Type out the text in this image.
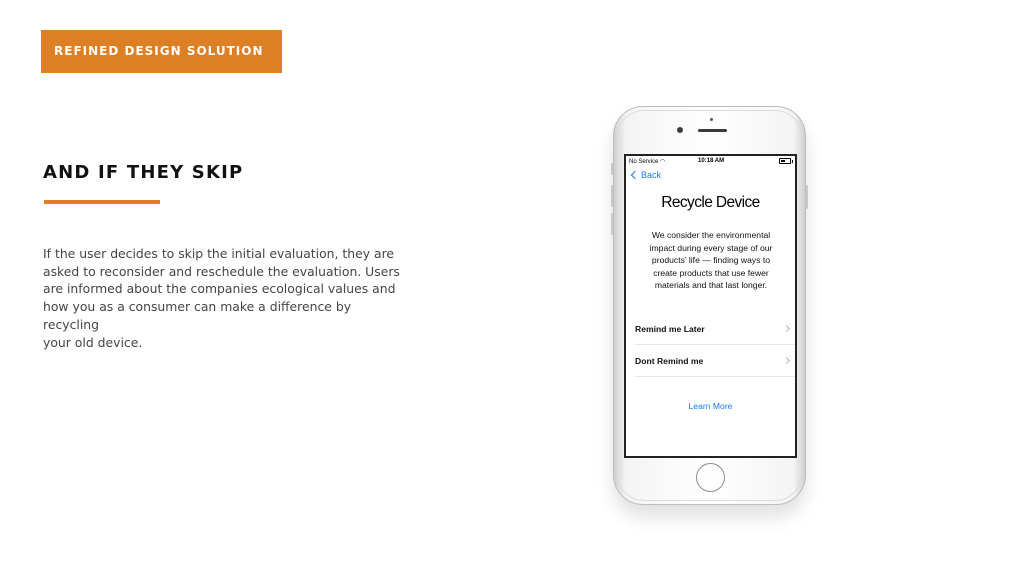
REFINED DESIGN SOLUTION
AND IF THEY SKIP
If the user decides to skip the initial evaluation, they are
asked to reconsider and reschedule the evaluation. Users
are informed about the companies ecological values and
how you as a consumer can make a difference by recycling
your old device.
No Service ◠	10:18 AM
Back
Recycle Device
We consider the environmental
impact during every stage of our
products’ life — finding ways to
create products that use fewer
materials and that last longer.
Remind me Later
Dont Remind me
Learn More
